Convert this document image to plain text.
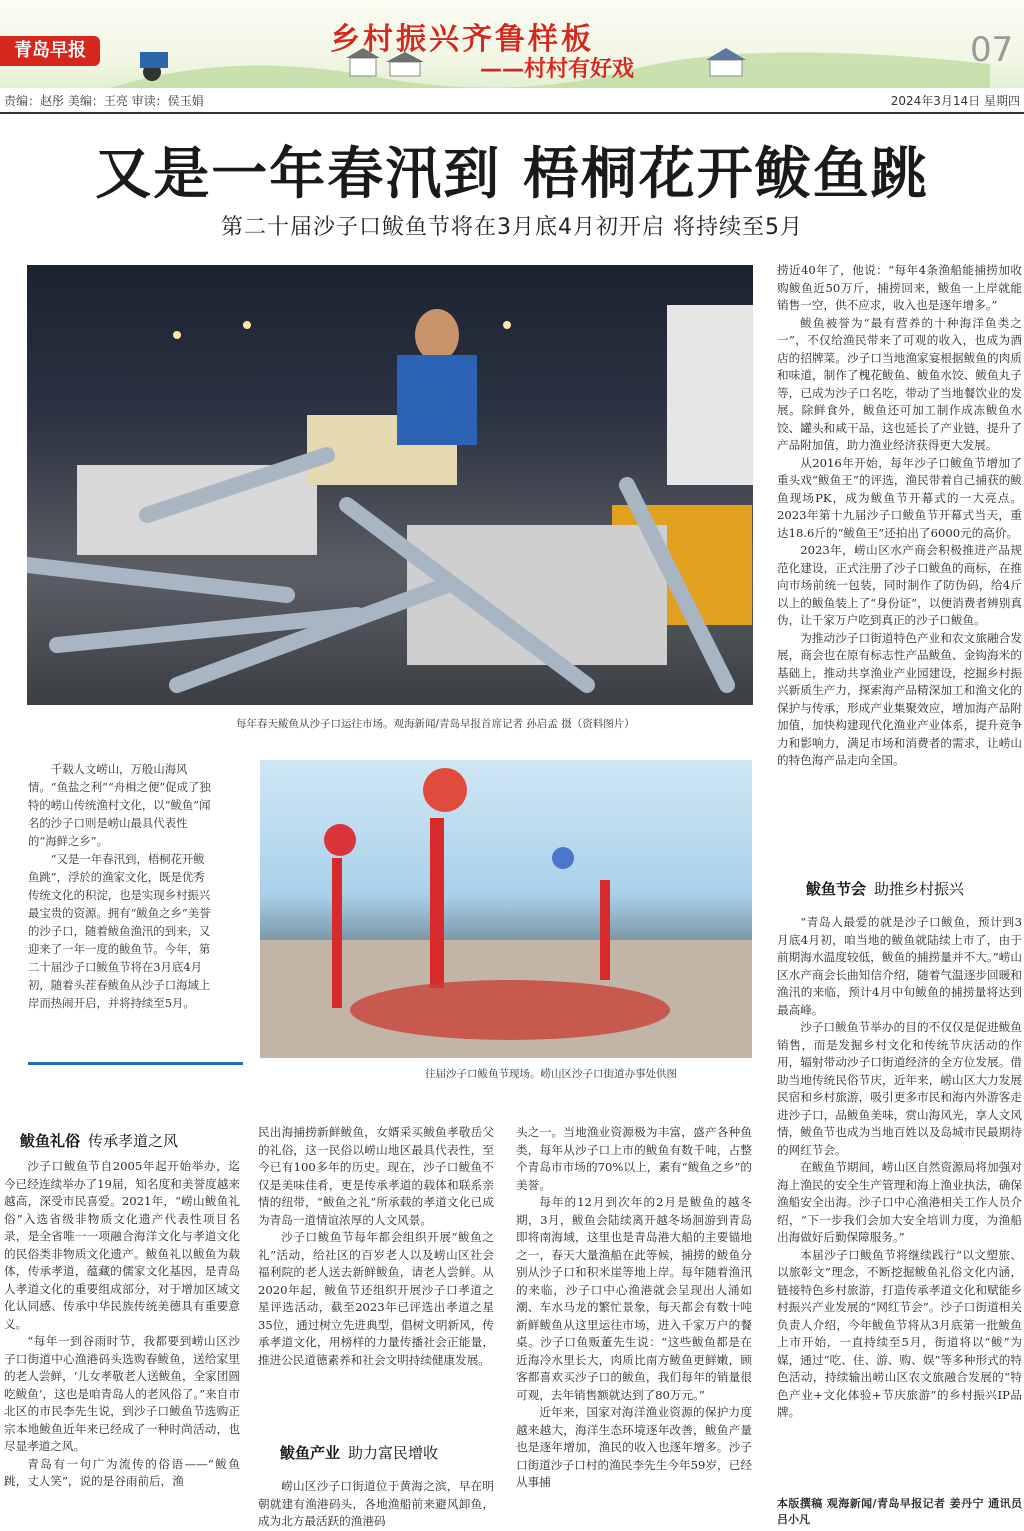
青岛早报	乡村振兴齐鲁样板
——村村有好戏	07
责编：赵彤 美编：王亮 审读：侯玉娟	2024年3月14日 星期四
又是一年春汛到 梧桐花开鲅鱼跳
第二十届沙子口鲅鱼节将在3月底4月初开启 将持续至5月
每年春天鲅鱼从沙子口运往市场。观海新闻/青岛早报首席记者 孙启孟 摄（资料图片）

千载人文崂山，万般山海风情。“鱼盐之利”“舟楫之便”促成了独特的崂山传统渔村文化，以“鲅鱼”闻名的沙子口则是崂山最具代表性的“海鲜之乡”。

“又是一年春汛到，梧桐花开鲅鱼跳”，浮於的渔家文化，既是优秀传统文化的积淀，也是实现乡村振兴最宝贵的资源。拥有“鲅鱼之乡”美誉的沙子口，随着鲅鱼渔汛的到来，又迎来了一年一度的鲅鱼节。今年，第二十届沙子口鲅鱼节将在3月底4月初，随着头茬春鲅鱼从沙子口海域上岸而热闹开启，并将持续至5月。

往届沙子口鲅鱼节现场。崂山区沙子口街道办事处供图
鲅鱼礼俗 传承孝道之风

沙子口鲅鱼节自2005年起开始举办，迄今已经连续举办了19届，知名度和美誉度越来越高，深受市民喜爱。2021年，“崂山鲅鱼礼俗”入选省级非物质文化遗产代表性项目名录，是全省唯一一项融合海洋文化与孝道文化的民俗类非物质文化遗产。鲅鱼礼以鲅鱼为载体，传承孝道，蕴藏的儒家文化基因，是青岛人孝道文化的重要组成部分，对于增加区域文化认同感、传承中华民族传统美德具有重要意义。

“每年一到谷雨时节，我都要到崂山区沙子口街道中心渔港码头选购春鲅鱼，送给家里的老人尝鲜，‘儿女孝敬老人送鲅鱼，全家团圆吃鲅鱼’，这也是咱青岛人的老风俗了。”来自市北区的市民李先生说，到沙子口鲅鱼节选购正宗本地鲅鱼近年来已经成了一种时尚活动，也尽显孝道之风。

青岛有一句广为流传的俗语——“鲅鱼跳，丈人笑”，说的是谷雨前后，渔

民出海捕捞新鲜鲅鱼，女婿采买鲅鱼孝敬岳父的礼俗，这一民俗以崂山地区最具代表性，至今已有100多年的历史。现在，沙子口鲅鱼不仅是美味佳肴，更是传承孝道的载体和联系亲情的纽带，“鲅鱼之礼”所承载的孝道文化已成为青岛一道情谊浓厚的人文风景。

沙子口鲅鱼节每年都会组织开展“鲅鱼之礼”活动，给社区的百岁老人以及崂山区社会福利院的老人送去新鲜鲅鱼，请老人尝鲜。从2020年起，鲅鱼节还组织开展沙子口孝道之星评选活动，截至2023年已评选出孝道之星35位，通过树立先进典型，倡树文明新风，传承孝道文化，用榜样的力量传播社会正能量，推进公民道德素养和社会文明持续健康发展。

鲅鱼产业 助力富民增收

崂山区沙子口街道位于黄海之滨，早在明朝就建有渔港码头，各地渔船前来避风卸鱼，成为北方最活跃的渔港码

头之一。当地渔业资源极为丰富，盛产各种鱼类，每年从沙子口上市的鲅鱼有数千吨，占整个青岛市市场的70%以上，素有“鲅鱼之乡”的美誉。

每年的12月到次年的2月是鲅鱼的越冬期，3月，鲅鱼会陆续离开越冬场洄游到青岛即将南海域，这里也是青岛港大船的主要锚地之一，春天大量渔船在此等候，捕捞的鲅鱼分别从沙子口和积米崖等地上岸。每年随着渔汛的来临，沙子口中心渔港就会呈现出人涌如潮、车水马龙的繁忙景象，每天都会有数十吨新鲜鲅鱼从这里运往市场，进入千家万户的餐桌。沙子口鱼贩董先生说：“这些鲅鱼都是在近海冷水里长大，肉质比南方鲅鱼更鲜嫩，顾客都喜欢买沙子口的鲅鱼，我们每年的销量很可观，去年销售额就达到了80万元。”

近年来，国家对海洋渔业资源的保护力度越来越大，海洋生态环境逐年改善，鲅鱼产量也是逐年增加，渔民的收入也逐年增多。沙子口街道沙子口村的渔民李先生今年59岁，已经从事捕

捞近40年了，他说：“每年4条渔船能捕捞加收购鲅鱼近50万斤，捕捞回来，鲅鱼一上岸就能销售一空，供不应求，收入也是逐年增多。”

鲅鱼被誉为“最有营养的十种海洋鱼类之一”，不仅给渔民带来了可观的收入，也成为酒店的招牌菜。沙子口当地渔家宴根据鲅鱼的肉质和味道，制作了槐花鲅鱼、鲅鱼水饺、鲅鱼丸子等，已成为沙子口名吃，带动了当地餐饮业的发展。除鲜食外，鲅鱼还可加工制作成冻鲅鱼水饺、罐头和咸干品，这也延长了产业链，提升了产品附加值，助力渔业经济获得更大发展。

从2016年开始，每年沙子口鲅鱼节增加了重头戏“鲅鱼王”的评选，渔民带着自己捕获的鲅鱼现场PK，成为鲅鱼节开幕式的一大亮点。2023年第十九届沙子口鲅鱼节开幕式当天，重达18.6斤的“鲅鱼王”还拍出了6000元的高价。

2023年，崂山区水产商会积极推进产品规范化建设，正式注册了沙子口鲅鱼的商标，在推向市场前统一包装，同时制作了防伪码，给4斤以上的鲅鱼装上了“身份证”，以便消费者辨别真伪，让千家万户吃到真正的沙子口鲅鱼。

为推动沙子口街道特色产业和农文旅融合发展，商会也在原有标志性产品鲅鱼、金钩海米的基础上，推动共享渔业产业园建设，挖掘乡村振兴新质生产力，探索海产品精深加工和渔文化的保护与传承，形成产业集聚效应，增加海产品附加值，加快构建现代化渔业产业体系，提升竞争力和影响力，满足市场和消费者的需求，让崂山的特色海产品走向全国。

鲅鱼节会 助推乡村振兴

“青岛人最爱的就是沙子口鲅鱼，预计到3月底4月初，咱当地的鲅鱼就陆续上市了，由于前期海水温度较低，鲅鱼的捕捞量并不大。”崂山区水产商会长曲知信介绍，随着气温逐步回暖和渔汛的来临，预计4月中旬鲅鱼的捕捞量将达到最高峰。

沙子口鲅鱼节举办的目的不仅仅是促进鲅鱼销售，而是发掘乡村文化和传统节庆活动的作用，辐射带动沙子口街道经济的全方位发展。借助当地传统民俗节庆，近年来，崂山区大力发展民宿和乡村旅游，吸引更多市民和海内外游客走进沙子口，品鲅鱼美味，赏山海风光，享人文风情，鲅鱼节也成为当地百姓以及岛城市民最期待的网红节会。

在鲅鱼节期间，崂山区自然资源局将加强对海上渔民的安全生产管理和海上渔业执法，确保渔船安全出海。沙子口中心渔港相关工作人员介绍，“下一步我们会加大安全培训力度，为渔船出海做好后勤保障服务。”

本届沙子口鲅鱼节将继续践行“以文塑旅、以旅彰文”理念，不断挖掘鲅鱼礼俗文化内涵，链接特色乡村旅游，打造传承孝道文化和赋能乡村振兴产业发展的“网红节会”。沙子口街道相关负责人介绍，今年鲅鱼节将从3月底第一批鲅鱼上市开始，一直持续至5月，街道将以“鲅”为媒，通过“吃、住、游、购、娱”等多种形式的特色活动，持续输出崂山区农文旅融合发展的“特色产业+文化体验+节庆旅游”的乡村振兴IP品牌。

本版撰稿 观海新闻/青岛早报记者 姜丹宁 通讯员 吕小凡
